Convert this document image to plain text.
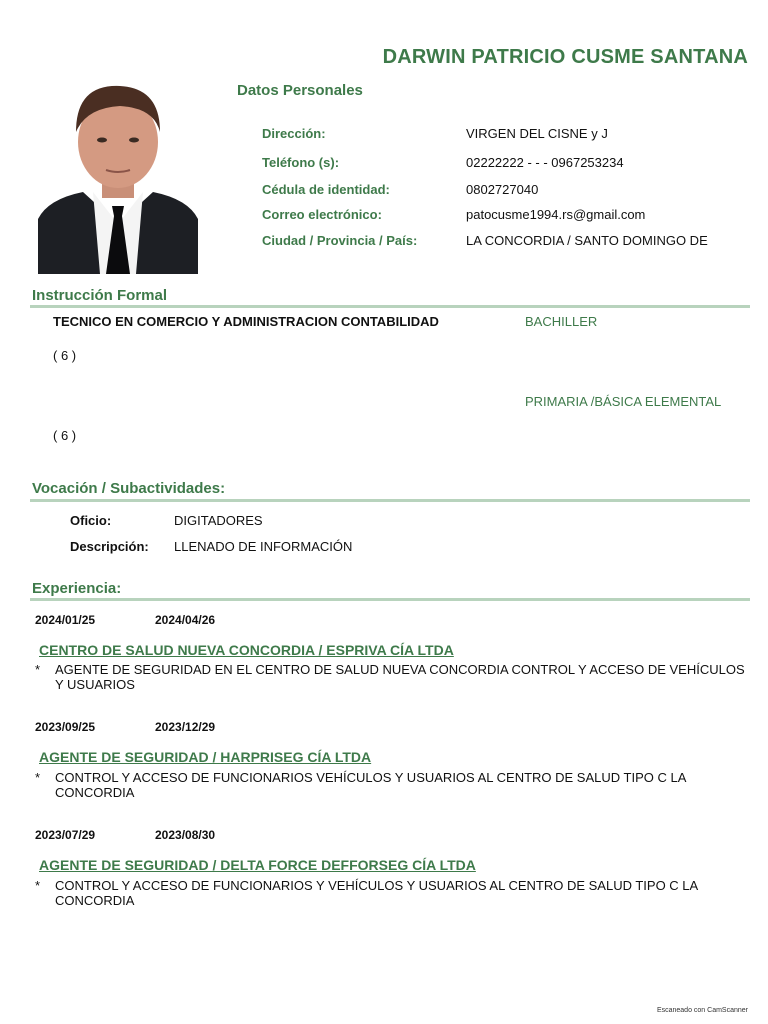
DARWIN PATRICIO CUSME SANTANA
Datos Personales
Dirección:	VIRGEN DEL CISNE y J
Teléfono (s):	02222222 - - - 0967253234
Cédula de identidad:	0802727040
Correo electrónico:	patocusme1994.rs@gmail.com
Ciudad / Provincia / País:	LA CONCORDIA / SANTO DOMINGO DE
Instrucción Formal
TECNICO EN COMERCIO Y ADMINISTRACION CONTABILIDAD	BACHILLER
( 6 )
PRIMARIA /BÁSICA ELEMENTAL
( 6 )
Vocación / Subactividades:
Oficio:	DIGITADORES
Descripción: LLENADO DE INFORMACIÓN
Experiencia:
2024/01/25	2024/04/26
CENTRO DE SALUD NUEVA CONCORDIA / ESPRIVA CÍA LTDA
* AGENTE DE SEGURIDAD EN EL CENTRO DE SALUD NUEVA CONCORDIA CONTROL Y ACCESO DE VEHÍCULOS Y USUARIOS
2023/09/25	2023/12/29
AGENTE DE SEGURIDAD / HARPRISEG CÍA LTDA
* CONTROL Y ACCESO DE FUNCIONARIOS VEHÍCULOS Y USUARIOS AL CENTRO DE SALUD TIPO C LA CONCORDIA
2023/07/29	2023/08/30
AGENTE DE SEGURIDAD / DELTA FORCE DEFFORSEG CÍA LTDA
* CONTROL Y ACCESO DE FUNCIONARIOS Y VEHÍCULOS Y USUARIOS AL CENTRO DE SALUD TIPO C LA CONCORDIA
Escaneado con CamScanner
